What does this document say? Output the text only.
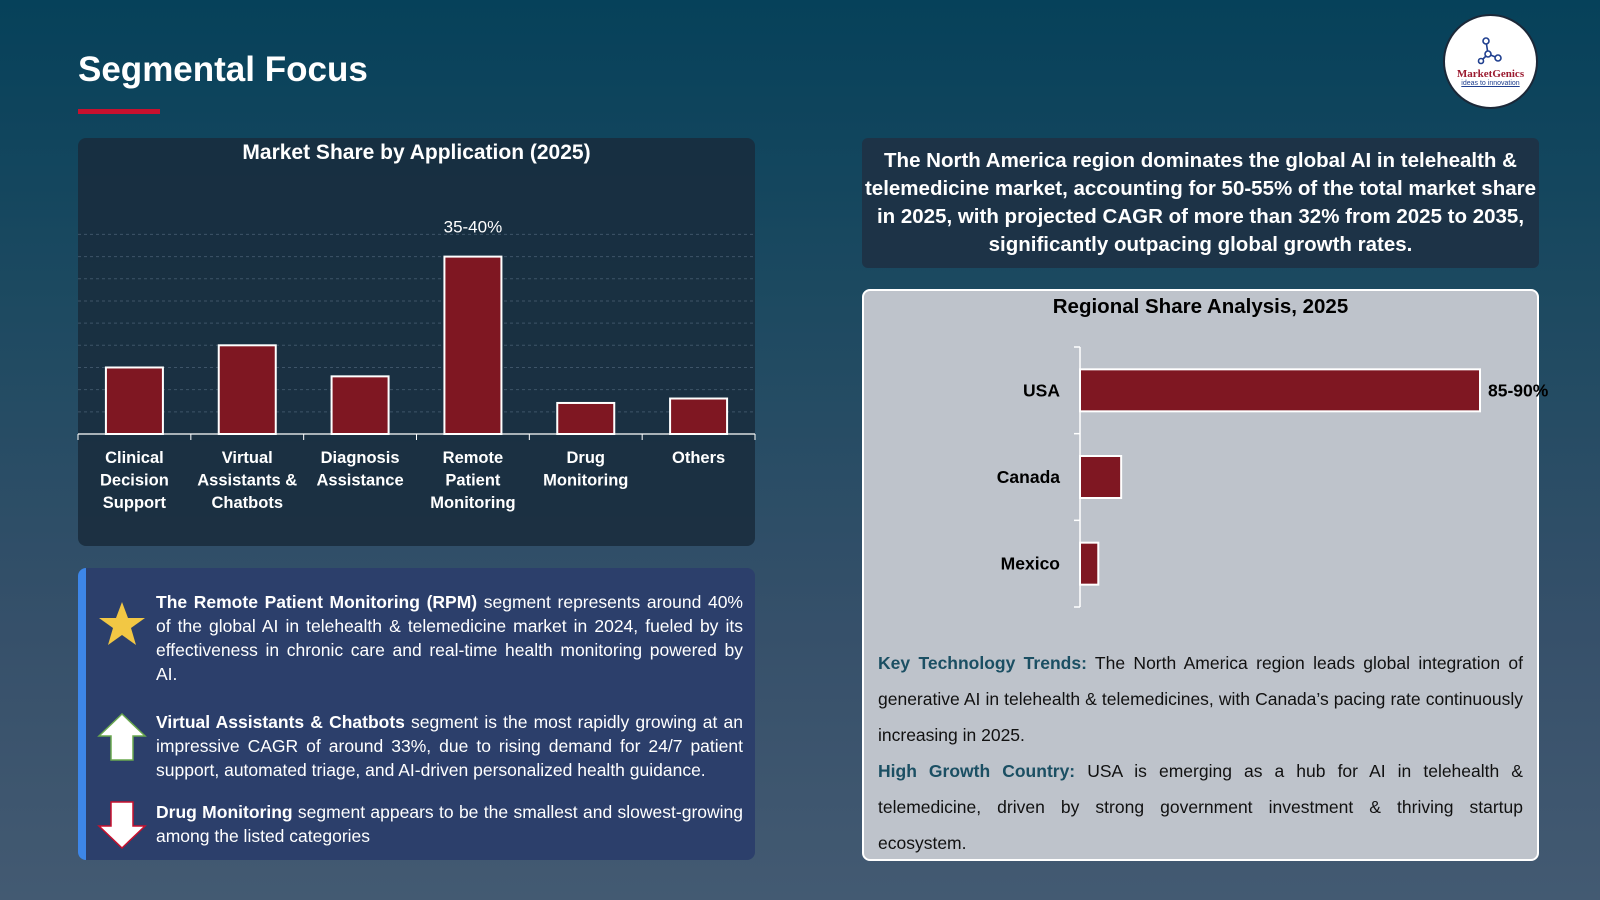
Segmental Focus	MarketGenics
ideas to innovation
Market Share by Application (2025)
Clinical
Decision
Support
Virtual
Assistants &
Chatbots
Diagnosis
Assistance
35-40%
Remote
Patient
Monitoring
Drug
Monitoring
Others
The Remote Patient Monitoring (RPM) segment represents around 40% of the global AI in telehealth & telemedicine market in 2024, fueled by its effectiveness in chronic care and real-time health monitoring powered by AI.
Virtual Assistants & Chatbots segment is the most rapidly growing at an impressive CAGR of around 33%, due to rising demand for 24/7 patient support, automated triage, and AI-driven personalized health guidance.
Drug Monitoring segment appears to be the smallest and slowest-growing among the listed categories
The North America region dominates the global AI in telehealth & telemedicine market, accounting for 50-55% of the total market share in 2025, with projected CAGR of more than 32% from 2025 to 2035, significantly outpacing global growth rates.
Regional Share Analysis, 2025
USA	85-90%
Canada
Mexico

Key Technology Trends: The North America region leads global integration of generative AI in telehealth & telemedicines, with Canada’s pacing rate continuously increasing in 2025.

High Growth Country: USA is emerging as a hub for AI in telehealth & telemedicine, driven by strong government investment & thriving startup ecosystem.
